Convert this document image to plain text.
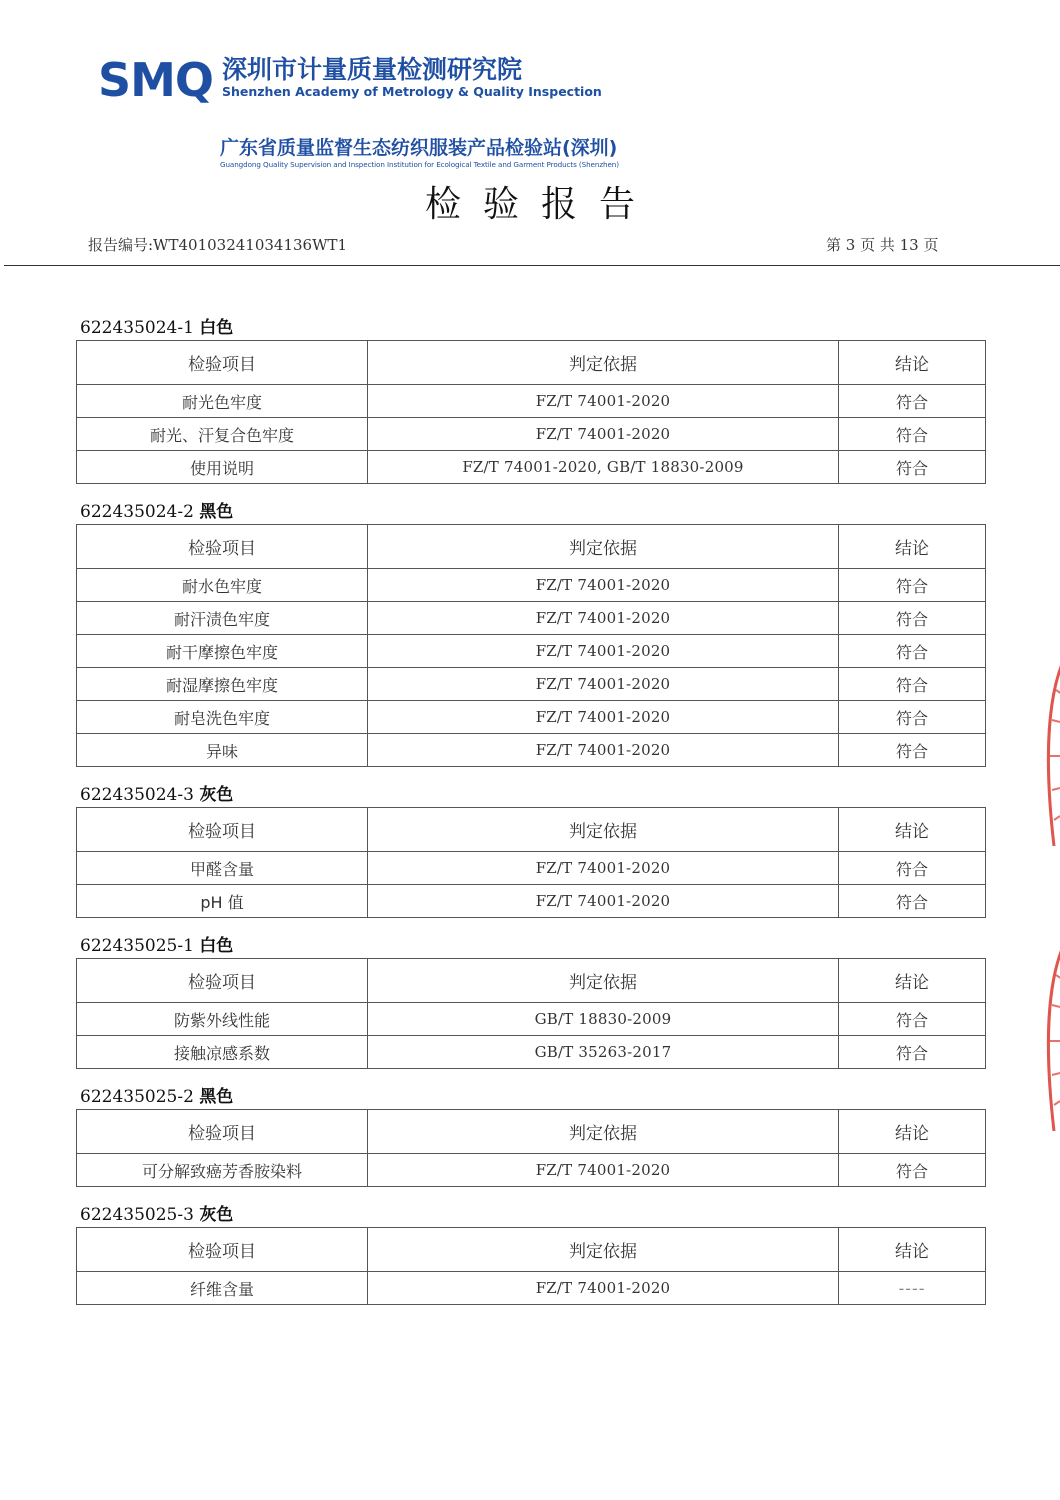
SMQ 深圳市计量质量检测研究院
Shenzhen Academy of Metrology & Quality Inspection
广东省质量监督生态纺织服装产品检验站(深圳)
Guangdong Quality Supervision and Inspection Institution for Ecological Textile and Garment Products (Shenzhen)
检验报告
报告编号:WT40103241034136WT1	第 3 页 共 13 页
622435024-1 白色
检验项目	判定依据	结论
耐光色牢度	FZ/T 74001-2020	符合
耐光、汗复合色牢度	FZ/T 74001-2020	符合
使用说明	FZ/T 74001-2020, GB/T 18830-2009	符合
622435024-2 黑色
检验项目	判定依据	结论
耐水色牢度	FZ/T 74001-2020	符合
耐汗渍色牢度	FZ/T 74001-2020	符合
耐干摩擦色牢度	FZ/T 74001-2020	符合
耐湿摩擦色牢度	FZ/T 74001-2020	符合
耐皂洗色牢度	FZ/T 74001-2020	符合
异味	FZ/T 74001-2020	符合
622435024-3 灰色
检验项目	判定依据	结论
甲醛含量	FZ/T 74001-2020	符合
pH 值	FZ/T 74001-2020	符合
622435025-1 白色
检验项目	判定依据	结论
防紫外线性能	GB/T 18830-2009	符合
接触凉感系数	GB/T 35263-2017	符合
622435025-2 黑色
检验项目	判定依据	结论
可分解致癌芳香胺染料	FZ/T 74001-2020	符合
622435025-3 灰色
检验项目	判定依据	结论
纤维含量	FZ/T 74001-2020	----
